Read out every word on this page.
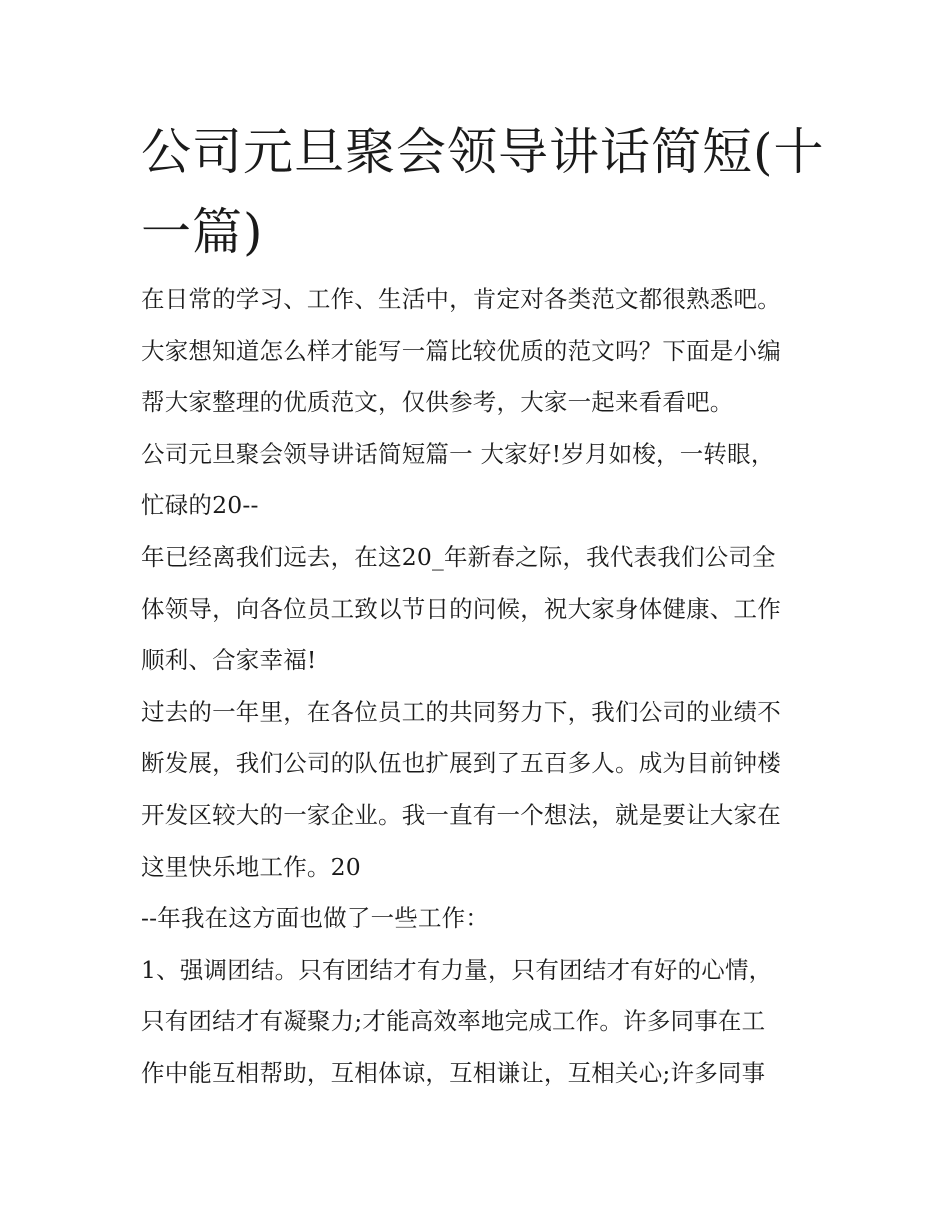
公司元旦聚会领导讲话简短(十
一篇)
在日常的学习、工作、生活中，肯定对各类范文都很熟悉吧。
大家想知道怎么样才能写一篇比较优质的范文吗？下面是小编
帮大家整理的优质范文，仅供参考，大家一起来看看吧。
公司元旦聚会领导讲话简短篇一 大家好!岁月如梭，一转眼，
忙碌的20--
年已经离我们远去，在这20_年新春之际，我代表我们公司全
体领导，向各位员工致以节日的问候，祝大家身体健康、工作
顺利、合家幸福!
过去的一年里，在各位员工的共同努力下，我们公司的业绩不
断发展，我们公司的队伍也扩展到了五百多人。成为目前钟楼
开发区较大的一家企业。我一直有一个想法，就是要让大家在
这里快乐地工作。20
--年我在这方面也做了一些工作：
1、强调团结。只有团结才有力量，只有团结才有好的心情，
只有团结才有凝聚力;才能高效率地完成工作。许多同事在工
作中能互相帮助，互相体谅，互相谦让，互相关心;许多同事
